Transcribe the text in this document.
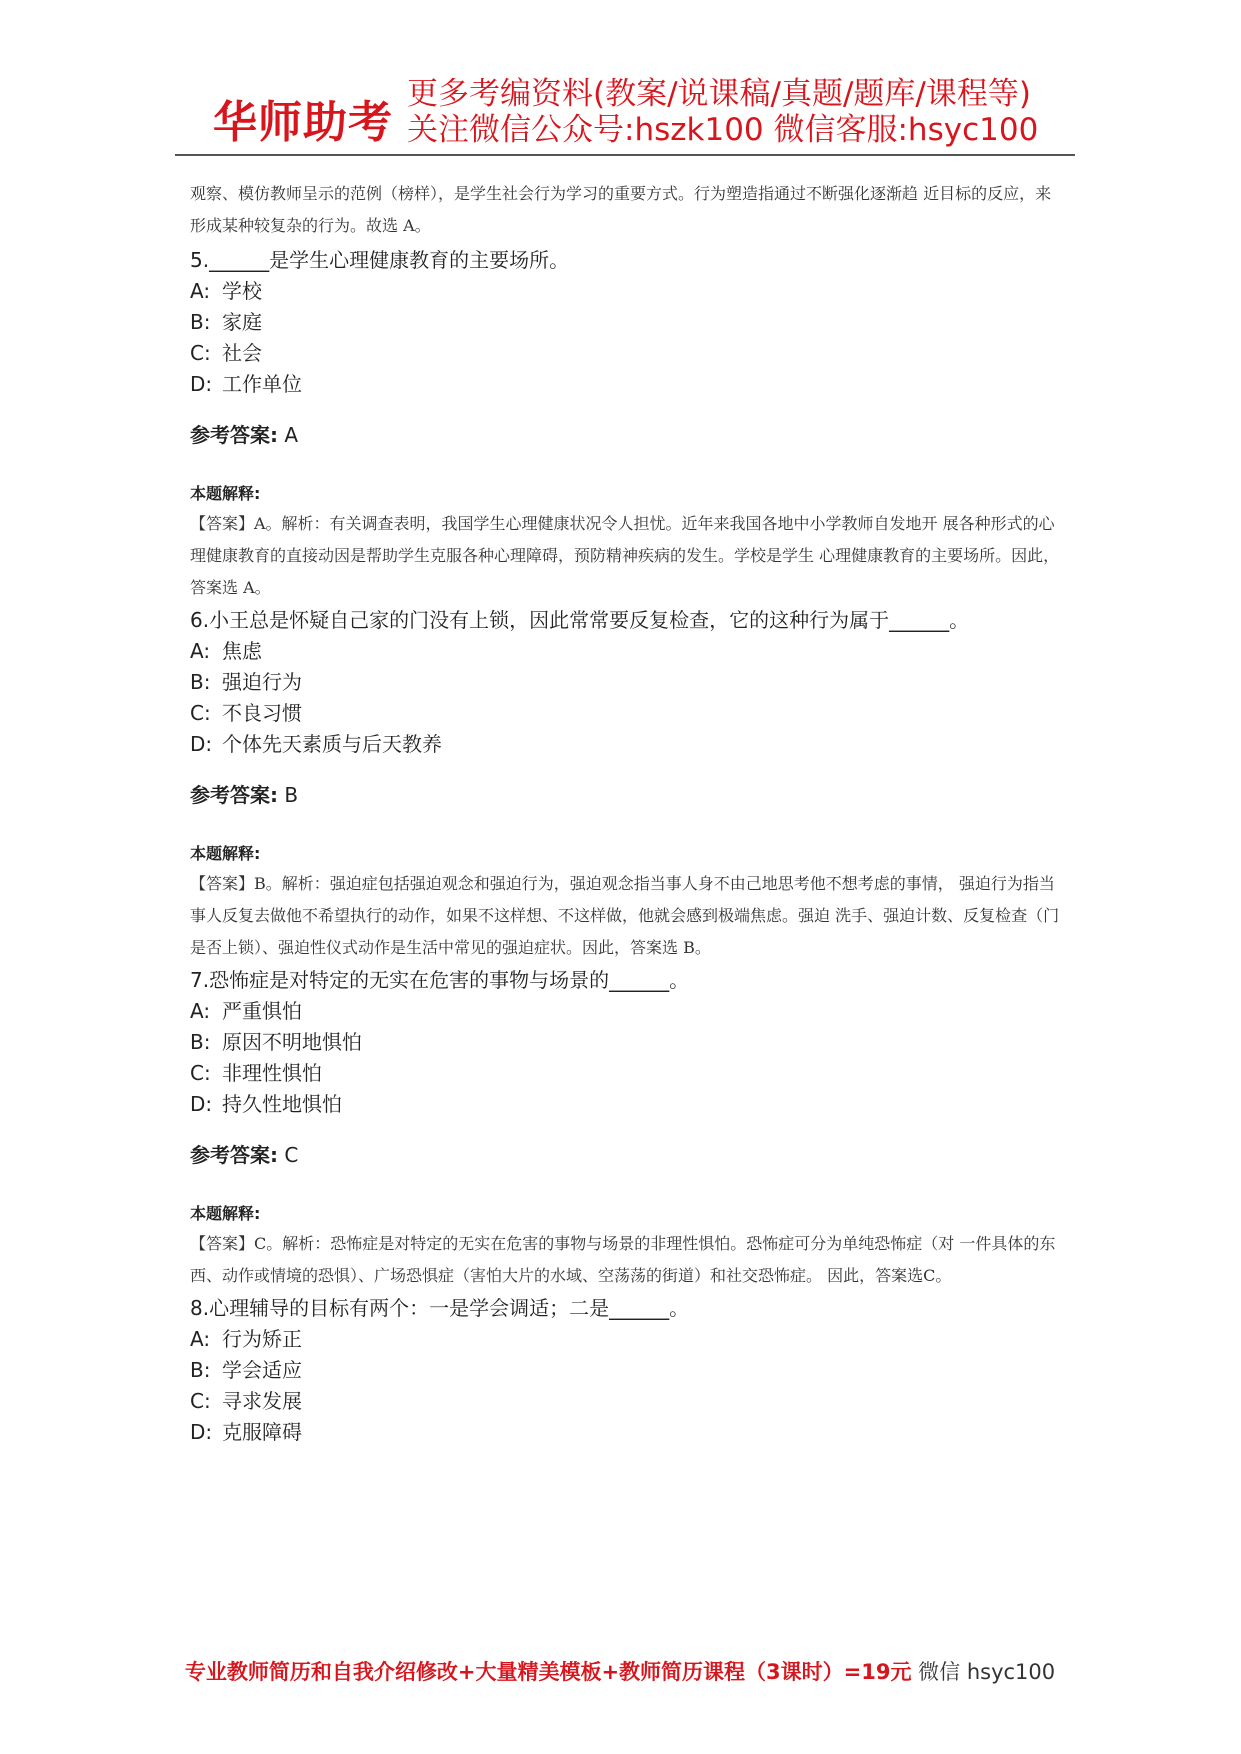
华师助考
更多考编资料(教案/说课稿/真题/题库/课程等)
关注微信公众号:hszk100 微信客服:hsyc100
观察、模仿教师呈示的范例（榜样），是学生社会行为学习的重要方式。行为塑造指通过不断强化逐渐趋 近目标的反应，来形成某种较复杂的行为。故选 A。
5.______是学生心理健康教育的主要场所。
A: 学校
B: 家庭
C: 社会
D: 工作单位
参考答案: A
本题解释:
【答案】A。解析：有关调查表明，我国学生心理健康状况令人担忧。近年来我国各地中小学教师自发地开 展各种形式的心理健康教育的直接动因是帮助学生克服各种心理障碍，预防精神疾病的发生。学校是学生 心理健康教育的主要场所。因此，答案选 A。
6.小王总是怀疑自己家的门没有上锁，因此常常要反复检查，它的这种行为属于______。
A: 焦虑
B: 强迫行为
C: 不良习惯
D: 个体先天素质与后天教养
参考答案: B
本题解释:
【答案】B。解析：强迫症包括强迫观念和强迫行为，强迫观念指当事人身不由己地思考他不想考虑的事情， 强迫行为指当事人反复去做他不希望执行的动作，如果不这样想、不这样做，他就会感到极端焦虑。强迫 洗手、强迫计数、反复检查（门是否上锁）、强迫性仪式动作是生活中常见的强迫症状。因此，答案选 B。
7.恐怖症是对特定的无实在危害的事物与场景的______。
A: 严重惧怕
B: 原因不明地惧怕
C: 非理性惧怕
D: 持久性地惧怕
参考答案: C
本题解释:
【答案】C。解析：恐怖症是对特定的无实在危害的事物与场景的非理性惧怕。恐怖症可分为单纯恐怖症（对 一件具体的东西、动作或情境的恐惧）、广场恐惧症（害怕大片的水域、空荡荡的街道）和社交恐怖症。 因此，答案选C。
8.心理辅导的目标有两个：一是学会调适；二是______。
A: 行为矫正
B: 学会适应
C: 寻求发展
D: 克服障碍
专业教师简历和自我介绍修改+大量精美模板+教师简历课程（3课时）=19元 微信 hsyc100
